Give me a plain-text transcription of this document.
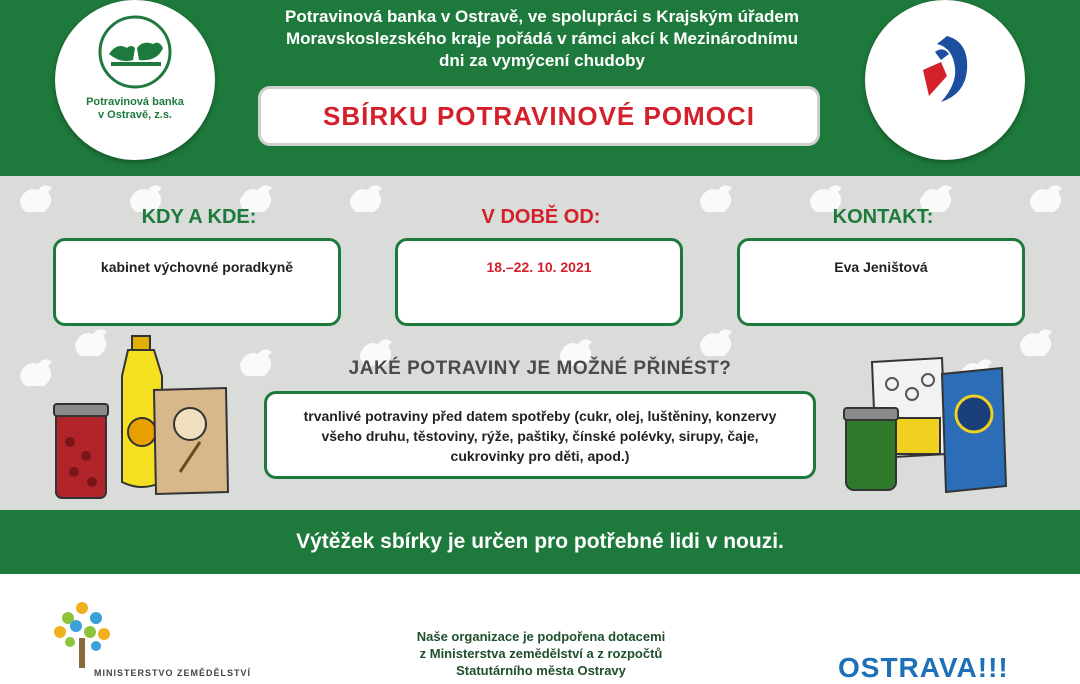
Potravinová banka
v Ostravě, z.s.
Potravinová banka v Ostravě, ve spolupráci s Krajským úřadem
Moravskoslezského kraje pořádá v rámci akcí k Mezinárodnímu
dni za vymýcení chudoby
SBÍRKU POTRAVINOVÉ POMOCI
KDY A KDE:	V DOBĚ OD:	KONTAKT:
kabinet výchovné poradkyně	18.–22. 10. 2021	Eva Jeništová
JAKÉ POTRAVINY JE MOŽNÉ PŘINÉST?
trvanlivé potraviny před datem spotřeby (cukr, olej, luštěniny, konzervy
všeho druhu, těstoviny, rýže, paštiky, čínské polévky, sirupy, čaje,
cukrovinky pro děti, apod.)
Výtěžek sbírky je určen pro potřebné lidi v nouzi.
MINISTERSTVO ZEMĚDĚLSTVÍ
Naše organizace je podpořena dotacemi
z Ministerstva zemědělství a z rozpočtů
Statutárního města Ostravy	OSTRAVA!!!
